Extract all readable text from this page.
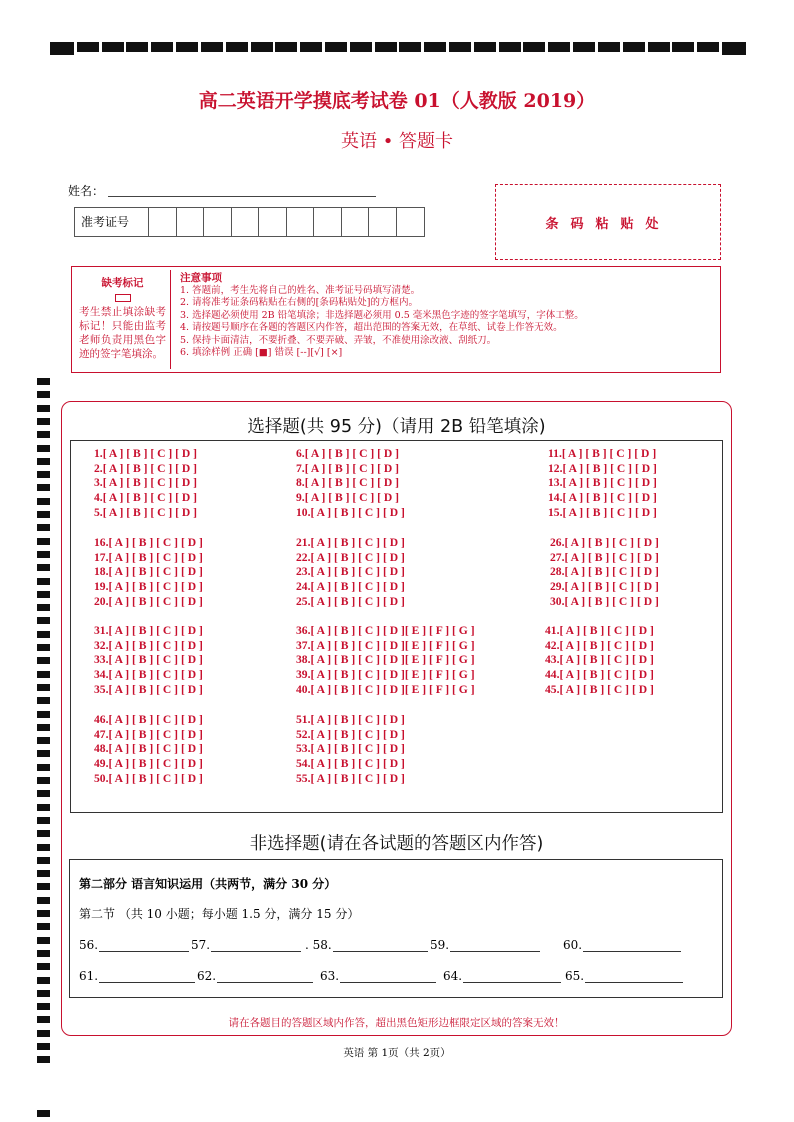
高二英语开学摸底考试卷 01（人教版 2019）
英语 • 答题卡
姓名：
准考证号	条码粘贴处
缺考标记
考生禁止填涂缺考标记！只能由监考老师负责用黑色字迹的签字笔填涂。
注意事项
1. 答题前，考生先将自己的姓名、准考证号码填写清楚。
2. 请将准考证条码粘贴在右侧的[条码粘贴处]的方框内。
3. 选择题必须使用 2B 铅笔填涂；非选择题必须用 0.5 毫米黑色字迹的签字笔填写，字体工整。
4. 请按题号顺序在各题的答题区内作答，超出范围的答案无效，在草纸、试卷上作答无效。
5. 保持卡面清洁，不要折叠、不要弄破、弄皱，不准使用涂改液、刮纸刀。
6. 填涂样例 正确 [■] 错误 [--][√] [×]
选择题(共 95 分)（请用 2B 铅笔填涂)
1.[ A ] [ B ] [ C ] [ D ]
2.[ A ] [ B ] [ C ] [ D ]
3.[ A ] [ B ] [ C ] [ D ]
4.[ A ] [ B ] [ C ] [ D ]
5.[ A ] [ B ] [ C ] [ D ]
6.[ A ] [ B ] [ C ] [ D ]
7.[ A ] [ B ] [ C ] [ D ]
8.[ A ] [ B ] [ C ] [ D ]
9.[ A ] [ B ] [ C ] [ D ]
10.[ A ] [ B ] [ C ] [ D ]
11.[ A ] [ B ] [ C ] [ D ]
12.[ A ] [ B ] [ C ] [ D ]
13.[ A ] [ B ] [ C ] [ D ]
14.[ A ] [ B ] [ C ] [ D ]
15.[ A ] [ B ] [ C ] [ D ]
16.[ A ] [ B ] [ C ] [ D ]
17.[ A ] [ B ] [ C ] [ D ]
18.[ A ] [ B ] [ C ] [ D ]
19.[ A ] [ B ] [ C ] [ D ]
20.[ A ] [ B ] [ C ] [ D ]
21.[ A ] [ B ] [ C ] [ D ]
22.[ A ] [ B ] [ C ] [ D ]
23.[ A ] [ B ] [ C ] [ D ]
24.[ A ] [ B ] [ C ] [ D ]
25.[ A ] [ B ] [ C ] [ D ]
26.[ A ] [ B ] [ C ] [ D ]
27.[ A ] [ B ] [ C ] [ D ]
28.[ A ] [ B ] [ C ] [ D ]
29.[ A ] [ B ] [ C ] [ D ]
30.[ A ] [ B ] [ C ] [ D ]
31.[ A ] [ B ] [ C ] [ D ]
32.[ A ] [ B ] [ C ] [ D ]
33.[ A ] [ B ] [ C ] [ D ]
34.[ A ] [ B ] [ C ] [ D ]
35.[ A ] [ B ] [ C ] [ D ]
36.[ A ] [ B ] [ C ] [ D ][ E ] [ F ] [ G ]
37.[ A ] [ B ] [ C ] [ D ][ E ] [ F ] [ G ]
38.[ A ] [ B ] [ C ] [ D ][ E ] [ F ] [ G ]
39.[ A ] [ B ] [ C ] [ D ][ E ] [ F ] [ G ]
40.[ A ] [ B ] [ C ] [ D ][ E ] [ F ] [ G ]
41.[ A ] [ B ] [ C ] [ D ]
42.[ A ] [ B ] [ C ] [ D ]
43.[ A ] [ B ] [ C ] [ D ]
44.[ A ] [ B ] [ C ] [ D ]
45.[ A ] [ B ] [ C ] [ D ]
46.[ A ] [ B ] [ C ] [ D ]
47.[ A ] [ B ] [ C ] [ D ]
48.[ A ] [ B ] [ C ] [ D ]
49.[ A ] [ B ] [ C ] [ D ]
50.[ A ] [ B ] [ C ] [ D ]
51.[ A ] [ B ] [ C ] [ D ]
52.[ A ] [ B ] [ C ] [ D ]
53.[ A ] [ B ] [ C ] [ D ]
54.[ A ] [ B ] [ C ] [ D ]
55.[ A ] [ B ] [ C ] [ D ]
非选择题(请在各试题的答题区内作答)
第二部分 语言知识运用（共两节，满分 30 分）
第二节 （共 10 小题；每小题 1.5 分，满分 15 分）
56.	57.	. 58.	59.	60.
61.	62.	63.	64.	65.
请在各题目的答题区域内作答，超出黑色矩形边框限定区域的答案无效！
英语 第 1页（共 2页）
